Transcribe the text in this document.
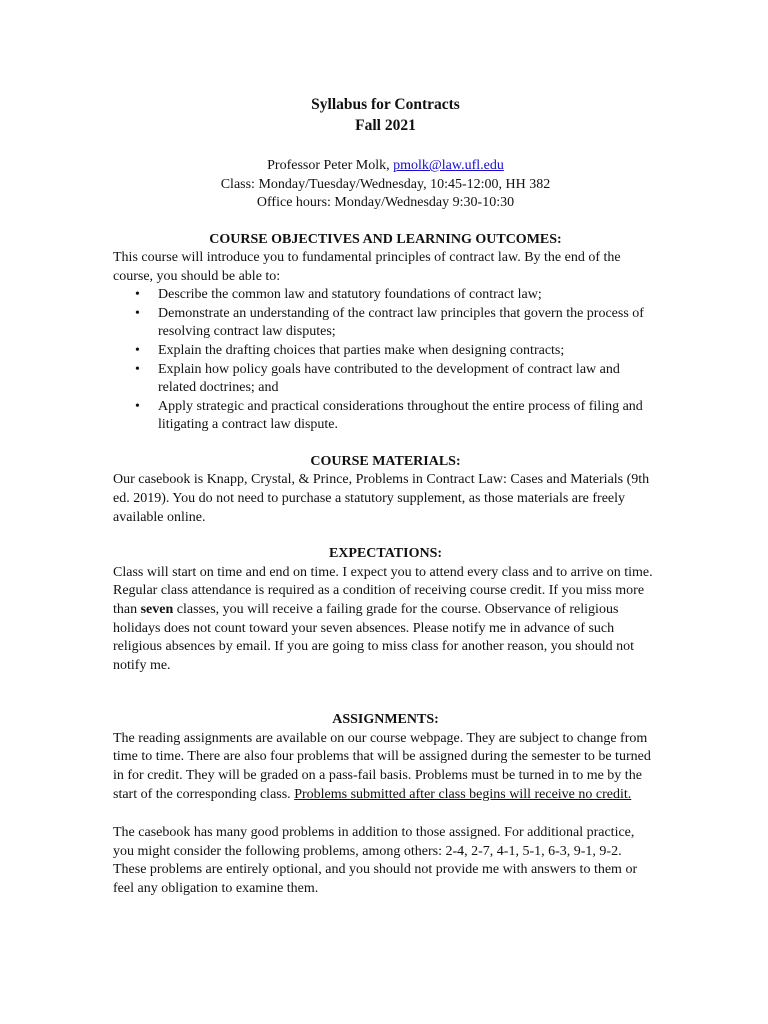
Syllabus for Contracts
Fall 2021
Professor Peter Molk, pmolk@law.ufl.edu
Class: Monday/Tuesday/Wednesday, 10:45-12:00, HH 382
Office hours: Monday/Wednesday 9:30-10:30
COURSE OBJECTIVES AND LEARNING OUTCOMES:
This course will introduce you to fundamental principles of contract law. By the end of the course, you should be able to:
• Describe the common law and statutory foundations of contract law;
• Demonstrate an understanding of the contract law principles that govern the process of resolving contract law disputes;
• Explain the drafting choices that parties make when designing contracts;
• Explain how policy goals have contributed to the development of contract law and related doctrines; and
• Apply strategic and practical considerations throughout the entire process of filing and litigating a contract law dispute.
COURSE MATERIALS:
Our casebook is Knapp, Crystal, & Prince, Problems in Contract Law: Cases and Materials (9th ed. 2019). You do not need to purchase a statutory supplement, as those materials are freely available online.
EXPECTATIONS:
Class will start on time and end on time. I expect you to attend every class and to arrive on time. Regular class attendance is required as a condition of receiving course credit. If you miss more than seven classes, you will receive a failing grade for the course. Observance of religious holidays does not count toward your seven absences. Please notify me in advance of such religious absences by email. If you are going to miss class for another reason, you should not notify me.
ASSIGNMENTS:
The reading assignments are available on our course webpage. They are subject to change from time to time. There are also four problems that will be assigned during the semester to be turned in for credit. They will be graded on a pass-fail basis. Problems must be turned in to me by the start of the corresponding class. Problems submitted after class begins will receive no credit.
The casebook has many good problems in addition to those assigned. For additional practice, you might consider the following problems, among others: 2-4, 2-7, 4-1, 5-1, 6-3, 9-1, 9-2. These problems are entirely optional, and you should not provide me with answers to them or feel any obligation to examine them.
